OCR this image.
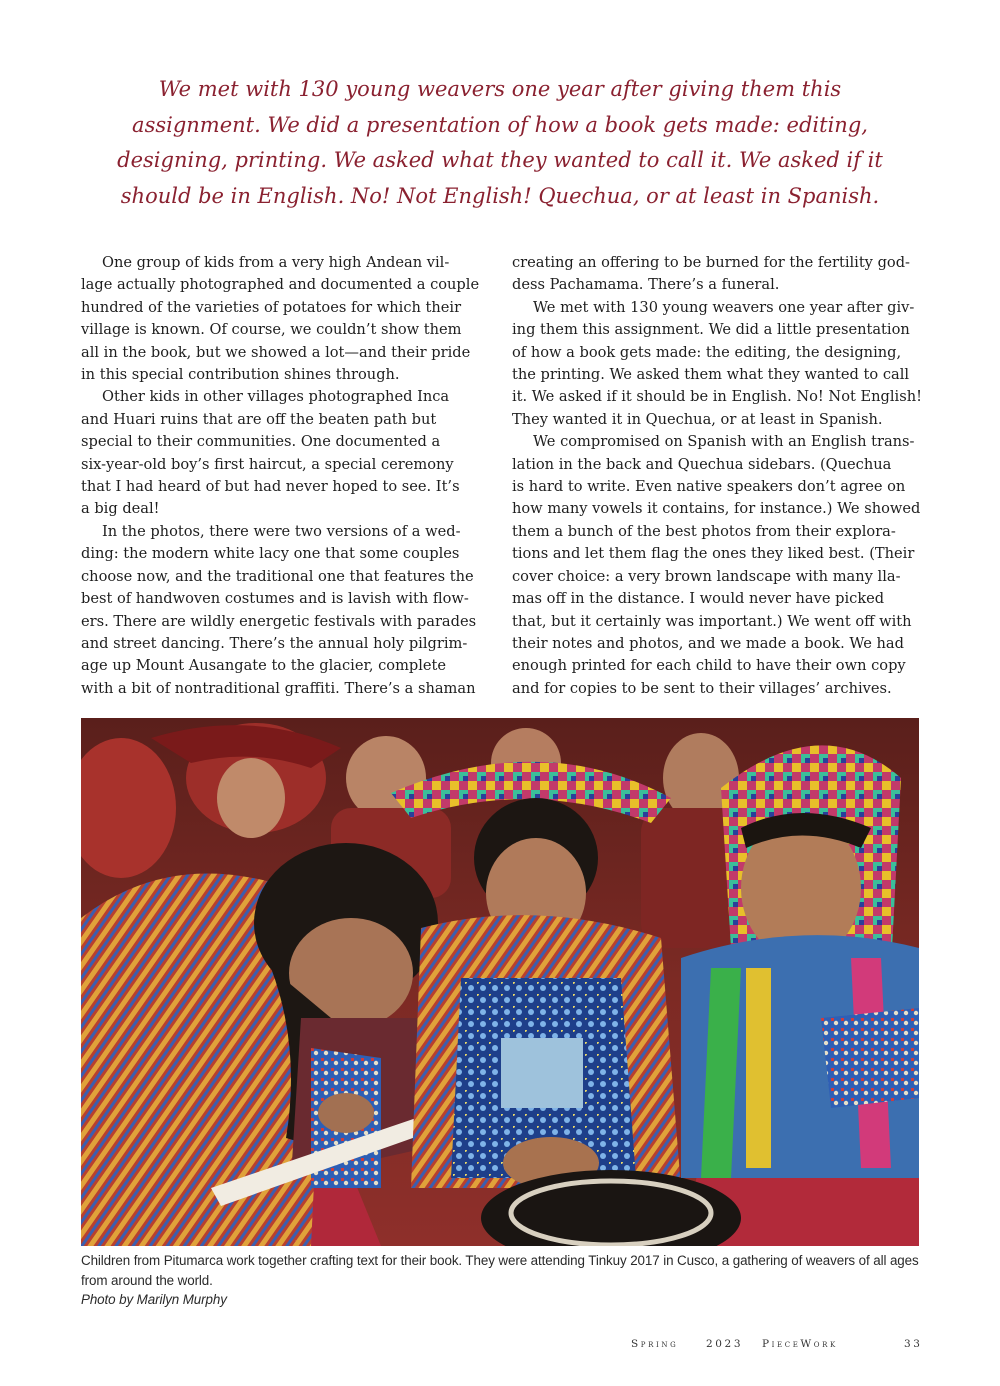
We met with 130 young weavers one year after giving them this
assignment. We did a presentation of how a book gets made: editing,
designing, printing. We asked what they wanted to call it. We asked if it
should be in English. No! Not English! Quechua, or at least in Spanish.
One group of kids from a very high Andean vil-
lage actually photographed and documented a couple
hundred of the varieties of potatoes for which their
village is known. Of course, we couldn’t show them
all in the book, but we showed a lot—and their pride
in this special contribution shines through.
Other kids in other villages photographed Inca
and Huari ruins that are off the beaten path but
special to their communities. One documented a
six-year-old boy’s first haircut, a special ceremony
that I had heard of but had never hoped to see. It’s
a big deal!
In the photos, there were two versions of a wed-
ding: the modern white lacy one that some couples
choose now, and the traditional one that features the
best of handwoven costumes and is lavish with flow-
ers. There are wildly energetic festivals with parades
and street dancing. There’s the annual holy pilgrim-
age up Mount Ausangate to the glacier, complete
with a bit of nontraditional graffiti. There’s a shaman
creating an offering to be burned for the fertility god-
dess Pachamama. There’s a funeral.
We met with 130 young weavers one year after giv-
ing them this assignment. We did a little presentation
of how a book gets made: the editing, the designing,
the printing. We asked them what they wanted to call
it. We asked if it should be in English. No! Not English!
They wanted it in Quechua, or at least in Spanish.
We compromised on Spanish with an English trans-
lation in the back and Quechua sidebars. (Quechua
is hard to write. Even native speakers don’t agree on
how many vowels it contains, for instance.) We showed
them a bunch of the best photos from their explora-
tions and let them flag the ones they liked best. (Their
cover choice: a very brown landscape with many lla-
mas off in the distance. I would never have picked
that, but it certainly was important.) We went off with
their notes and photos, and we made a book. We had
enough printed for each child to have their own copy
and for copies to be sent to their villages’ archives.
Children from Pitumarca work together crafting text for their book. They were attending Tinkuy 2017 in Cusco, a gathering of weavers of all ages
from around the world.
Photo by Marilyn Murphy
Spring	2023 PieceWork	33
